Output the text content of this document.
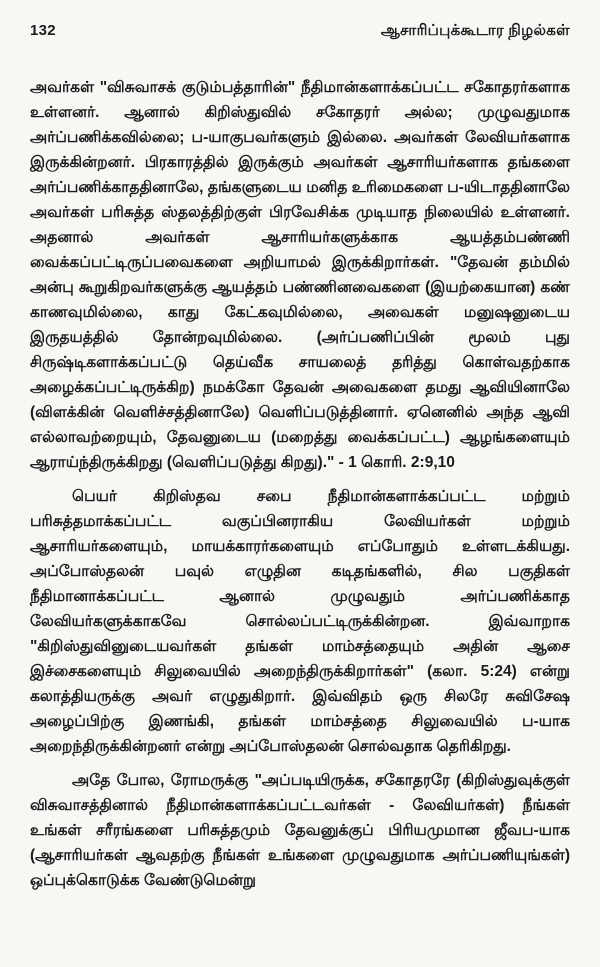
132	ஆசாரிப்புக்கூடார நிழல்கள்

அவர்கள் "விசுவாசக் குடும்பத்தாரின்" நீதிமான்களாக்கப்பட்ட சகோதரர்களாக உள்ளனர். ஆனால் கிறிஸ்துவில் சகோதரர் அல்ல; முழுவதுமாக அர்ப்பணிக்கவில்லை; ப-யாகுபவர்களும் இல்லை. அவர்கள் லேவியர்களாக இருக்கின்றனர். பிரகாரத்தில் இருக்கும் அவர்கள் ஆசாரியர்களாக தங்களை அர்ப்பணிக்காததினாலே, தங்களுடைய மனித உரிமைகளை ப-யிடாததினாலே அவர்கள் பரிசுத்த ஸ்தலத்திற்குள் பிரவேசிக்க முடியாத நிலையில் உள்ளனர். அதனால் அவர்கள் ஆசாரியர்களுக்காக ஆயத்தம்பண்ணி வைக்கப்பட்டிருப்பவைகளை அறியாமல் இருக்கிறார்கள். "தேவன் தம்மில் அன்பு கூறுகிறவர்களுக்கு ஆயத்தம் பண்ணினவைகளை (இயற்கையான) கண் காணவுமில்லை, காது கேட்கவுமில்லை, அவைகள் மனுஷனுடைய இருதயத்தில் தோன்றவுமில்லை. (அர்ப்பணிப்பின் மூலம் புது சிருஷ்டிகளாக்கப்பட்டு தெய்வீக சாயலைத் தரித்து கொள்வதற்காக அழைக்கப்பட்டிருக்கிற) நமக்கோ தேவன் அவைகளை தமது ஆவியினாலே (விளக்கின் வெளிச்சத்தினாலே) வெளிப்படுத்தினார். ஏனெனில் அந்த ஆவி எல்லாவற்றையும், தேவனுடைய (மறைத்து வைக்கப்பட்ட) ஆழங்களையும் ஆராய்ந்திருக்கிறது (வெளிப்படுத்து கிறது)." - 1 கொரி. 2:9,10

பெயர் கிறிஸ்தவ சபை நீதிமான்களாக்கப்பட்ட மற்றும் பரிசுத்தமாக்கப்பட்ட வகுப்பினராகிய லேவியர்கள் மற்றும் ஆசாரியர்களையும், மாயக்காரர்களையும் எப்போதும் உள்ளடக்கியது. அப்போஸ்தலன் பவுல் எழுதின கடிதங்களில், சில பகுதிகள் நீதிமானாக்கப்பட்ட ஆனால் முழுவதும் அர்ப்பணிக்காத லேவியர்களுக்காகவே சொல்லப்பட்டிருக்கின்றன. இவ்வாறாக "கிறிஸ்துவினுடையவர்கள் தங்கள் மாம்சத்தையும் அதின் ஆசை இச்சைகளையும் சிலுவையில் அறைந்திருக்கிறார்கள்" (கலா. 5:24) என்று கலாத்தியருக்கு அவர் எழுதுகிறார். இவ்விதம் ஒரு சிலரே சுவிசேஷ அழைப்பிற்கு இணங்கி, தங்கள் மாம்சத்தை சிலுவையில் ப-யாக அறைந்திருக்கின்றனர் என்று அப்போஸ்தலன் சொல்வதாக தெரிகிறது.

அதே போல, ரோமருக்கு "அப்படியிருக்க, சகோதரரே (கிறிஸ்துவுக்குள் விசுவாசத்தினால் நீதிமான்களாக்கப்பட்டவர்கள் - லேவியர்கள்) நீங்கள் உங்கள் சரீரங்களை பரிசுத்தமும் தேவனுக்குப் பிரியமுமான ஜீவப-யாக (ஆசாரியர்கள் ஆவதற்கு நீங்கள் உங்களை முழுவதுமாக அர்ப்பணியுங்கள்) ஒப்புக்கொடுக்க வேண்டுமென்று
